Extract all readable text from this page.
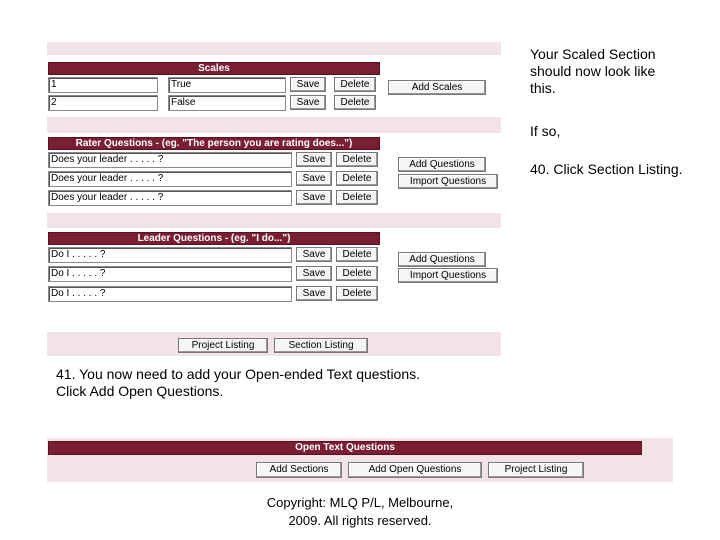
Scales
1	True	Save	Delete
2	False	Save	Delete
Add Scales
Rater Questions - (eg. "The person you are rating does...")
Does your leader . . . . . ?	Save	Delete
Does your leader . . . . . ?	Save	Delete
Does your leader . . . . . ?	Save	Delete
Add Questions
Import Questions
Leader Questions - (eg. "I do...")
Do I . . . . . ?	Save	Delete
Do I . . . . . ?	Save	Delete
Do I . . . . . ?	Save	Delete
Add Questions
Import Questions
Project Listing	Section Listing
Your Scaled Section
should now look like
this.
If so,
40. Click Section Listing.
41. You now need to add your Open-ended Text questions.
Click Add Open Questions.
Open Text Questions
Add Sections	Add Open Questions	Project Listing
Copyright: MLQ P/L, Melbourne,
2009. All rights reserved.
